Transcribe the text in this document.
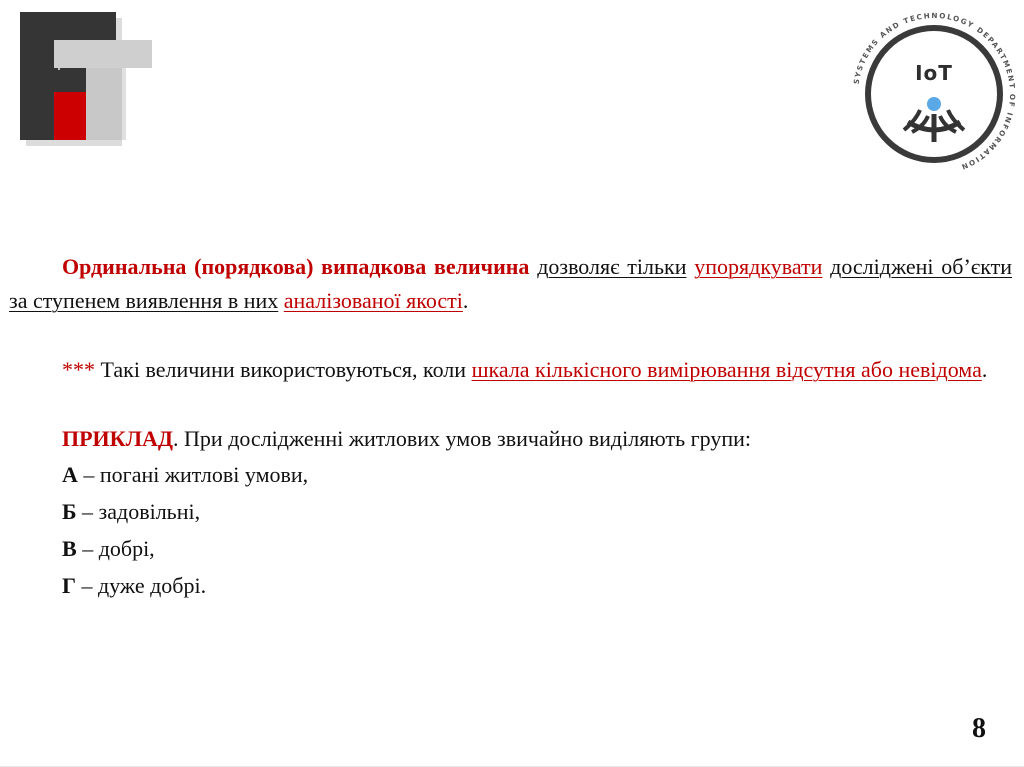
SYSTEMS AND TECHNOLOGY DEPARTMENT OF INFORMATION
IoT

Ординальна (порядкова) випадкова величина дозволяє тільки упорядкувати досліджені об’єкти за ступенем виявлення в них аналізованої якості.

*** Такі величини використовуються, коли шкала кількісного вимірювання відсутня або невідома.

ПРИКЛАД. При дослідженні житлових умов звичайно виділяють групи:

А – погані житлові умови,

Б – задовільні,

В – добрі,

Г – дуже добрі.

8
